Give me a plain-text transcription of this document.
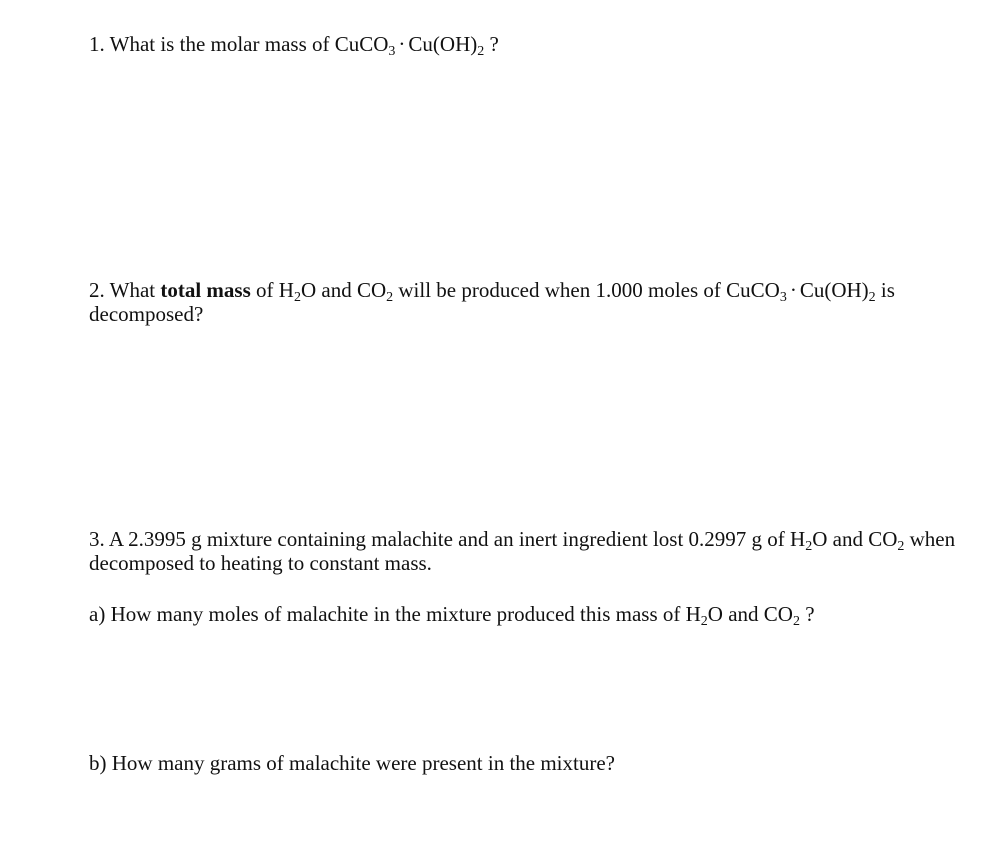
1. What is the molar mass of CuCO$_3$ · $Cu(OH)_2$ ?

2. What total mass of $H_2O$ and $CO_2$ will be produced when 1.000 moles of CuCO$_3$ · $Cu(OH)_2$ is decomposed?

3. A 2.3995 g mixture containing malachite and an inert ingredient lost 0.2997 g of $H_2O$ and $CO_2$ when decomposed to heating to constant mass.

a) How many moles of malachite in the mixture produced this mass of $H_2O$ and $CO_2$ ?

b) How many grams of malachite were present in the mixture?
